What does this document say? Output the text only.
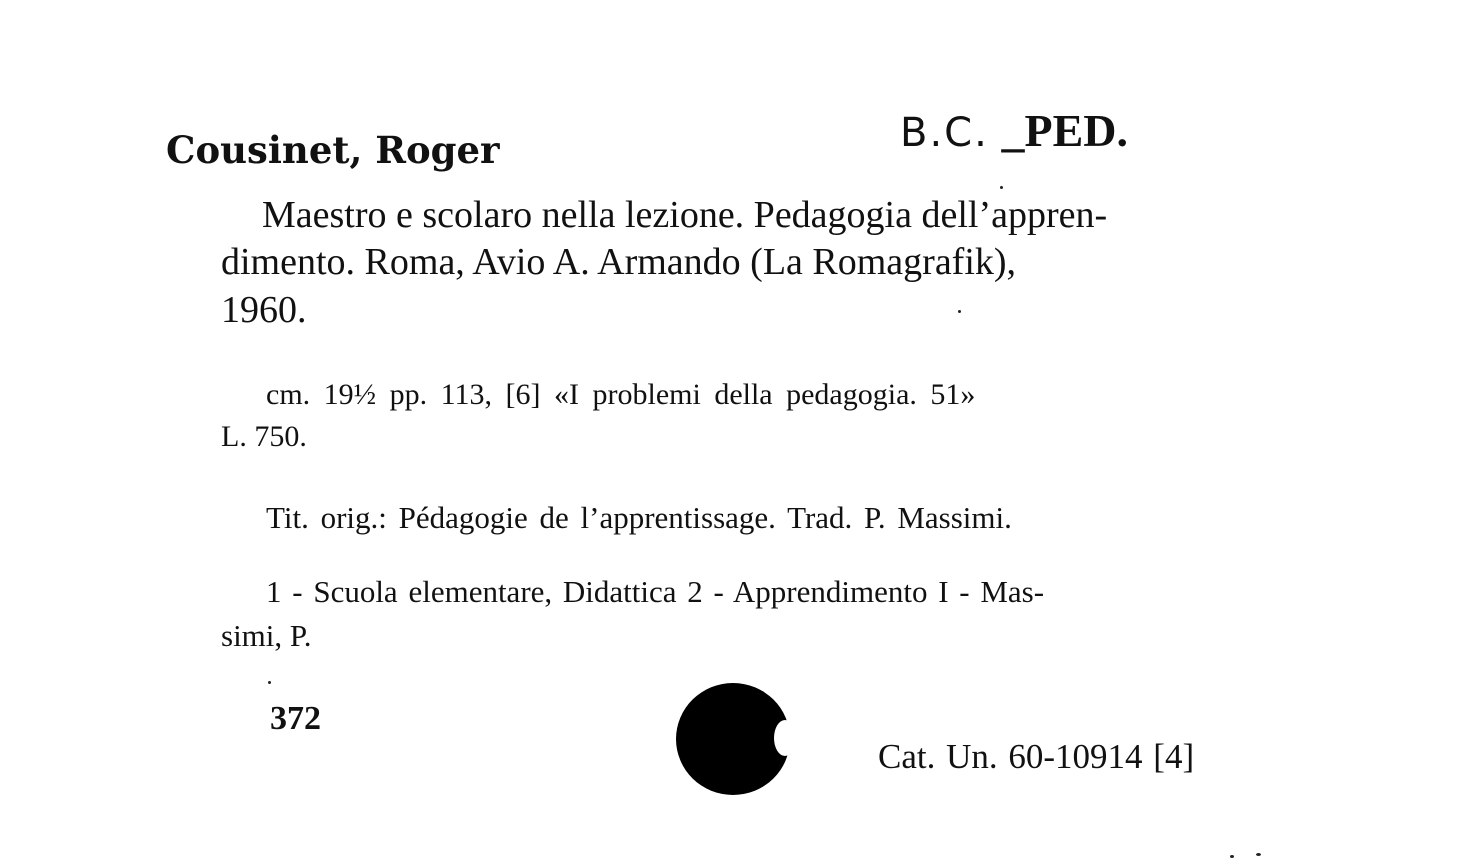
Cousinet, Roger	B.C. _PED.
Maestro e scolaro nella lezione. Pedagogia dell’appren-
dimento. Roma, Avio A. Armando (La Romagrafik),
1960.
cm. 19½ pp. 113, [6] «I problemi della pedagogia. 51»
L. 750.
Tit. orig.: Pédagogie de l’apprentissage. Trad. P. Massimi.
1 - Scuola elementare, Didattica 2 - Apprendimento I - Mas-
simi, P.
372
Cat. Un. 60-10914 [4]
